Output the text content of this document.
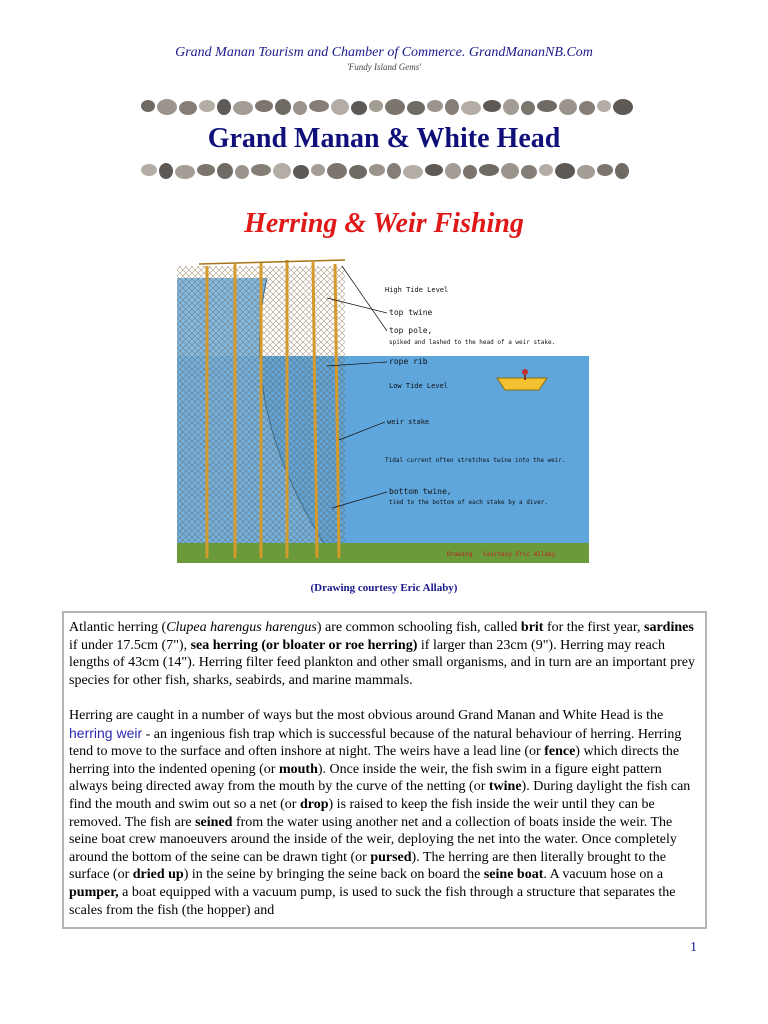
Grand Manan Tourism and Chamber of Commerce. GrandMananNB.Com
'Fundy Island Gems'
Grand Manan & White Head
Herring & Weir Fishing
High Tide Level
top twine
top pole,
spiked and lashed to the head of a weir stake.
rope rib
Low Tide Level
weir stake
Tidal current often stretches twine into the weir.
bottom twine,
tied to the bottom of each stake by a diver.
Drawing - Courtesy Eric Allaby
(Drawing courtesy Eric Allaby)

Atlantic herring (Clupea harengus harengus) are common schooling fish, called brit for the first year, sardines if under 17.5cm (7"), sea herring (or bloater or roe herring) if larger than 23cm (9"). Herring may reach lengths of 43cm (14"). Herring filter feed plankton and other small organisms, and in turn are an important prey species for other fish, sharks, seabirds, and marine mammals.

Herring are caught in a number of ways but the most obvious around Grand Manan and White Head is the herring weir - an ingenious fish trap which is successful because of the natural behaviour of herring. Herring tend to move to the surface and often inshore at night. The weirs have a lead line (or fence) which directs the herring into the indented opening (or mouth). Once inside the weir, the fish swim in a figure eight pattern always being directed away from the mouth by the curve of the netting (or twine). During daylight the fish can find the mouth and swim out so a net (or drop) is raised to keep the fish inside the weir until they can be removed. The fish are seined from the water using another net and a collection of boats inside the weir. The seine boat crew manoeuvers around the inside of the weir, deploying the net into the water. Once completely around the bottom of the seine can be drawn tight (or pursed). The herring are then literally brought to the surface (or dried up) in the seine by bringing the seine back on board the seine boat. A vacuum hose on a pumper, a boat equipped with a vacuum pump, is used to suck the fish through a structure that separates the scales from the fish (the hopper) and

1
